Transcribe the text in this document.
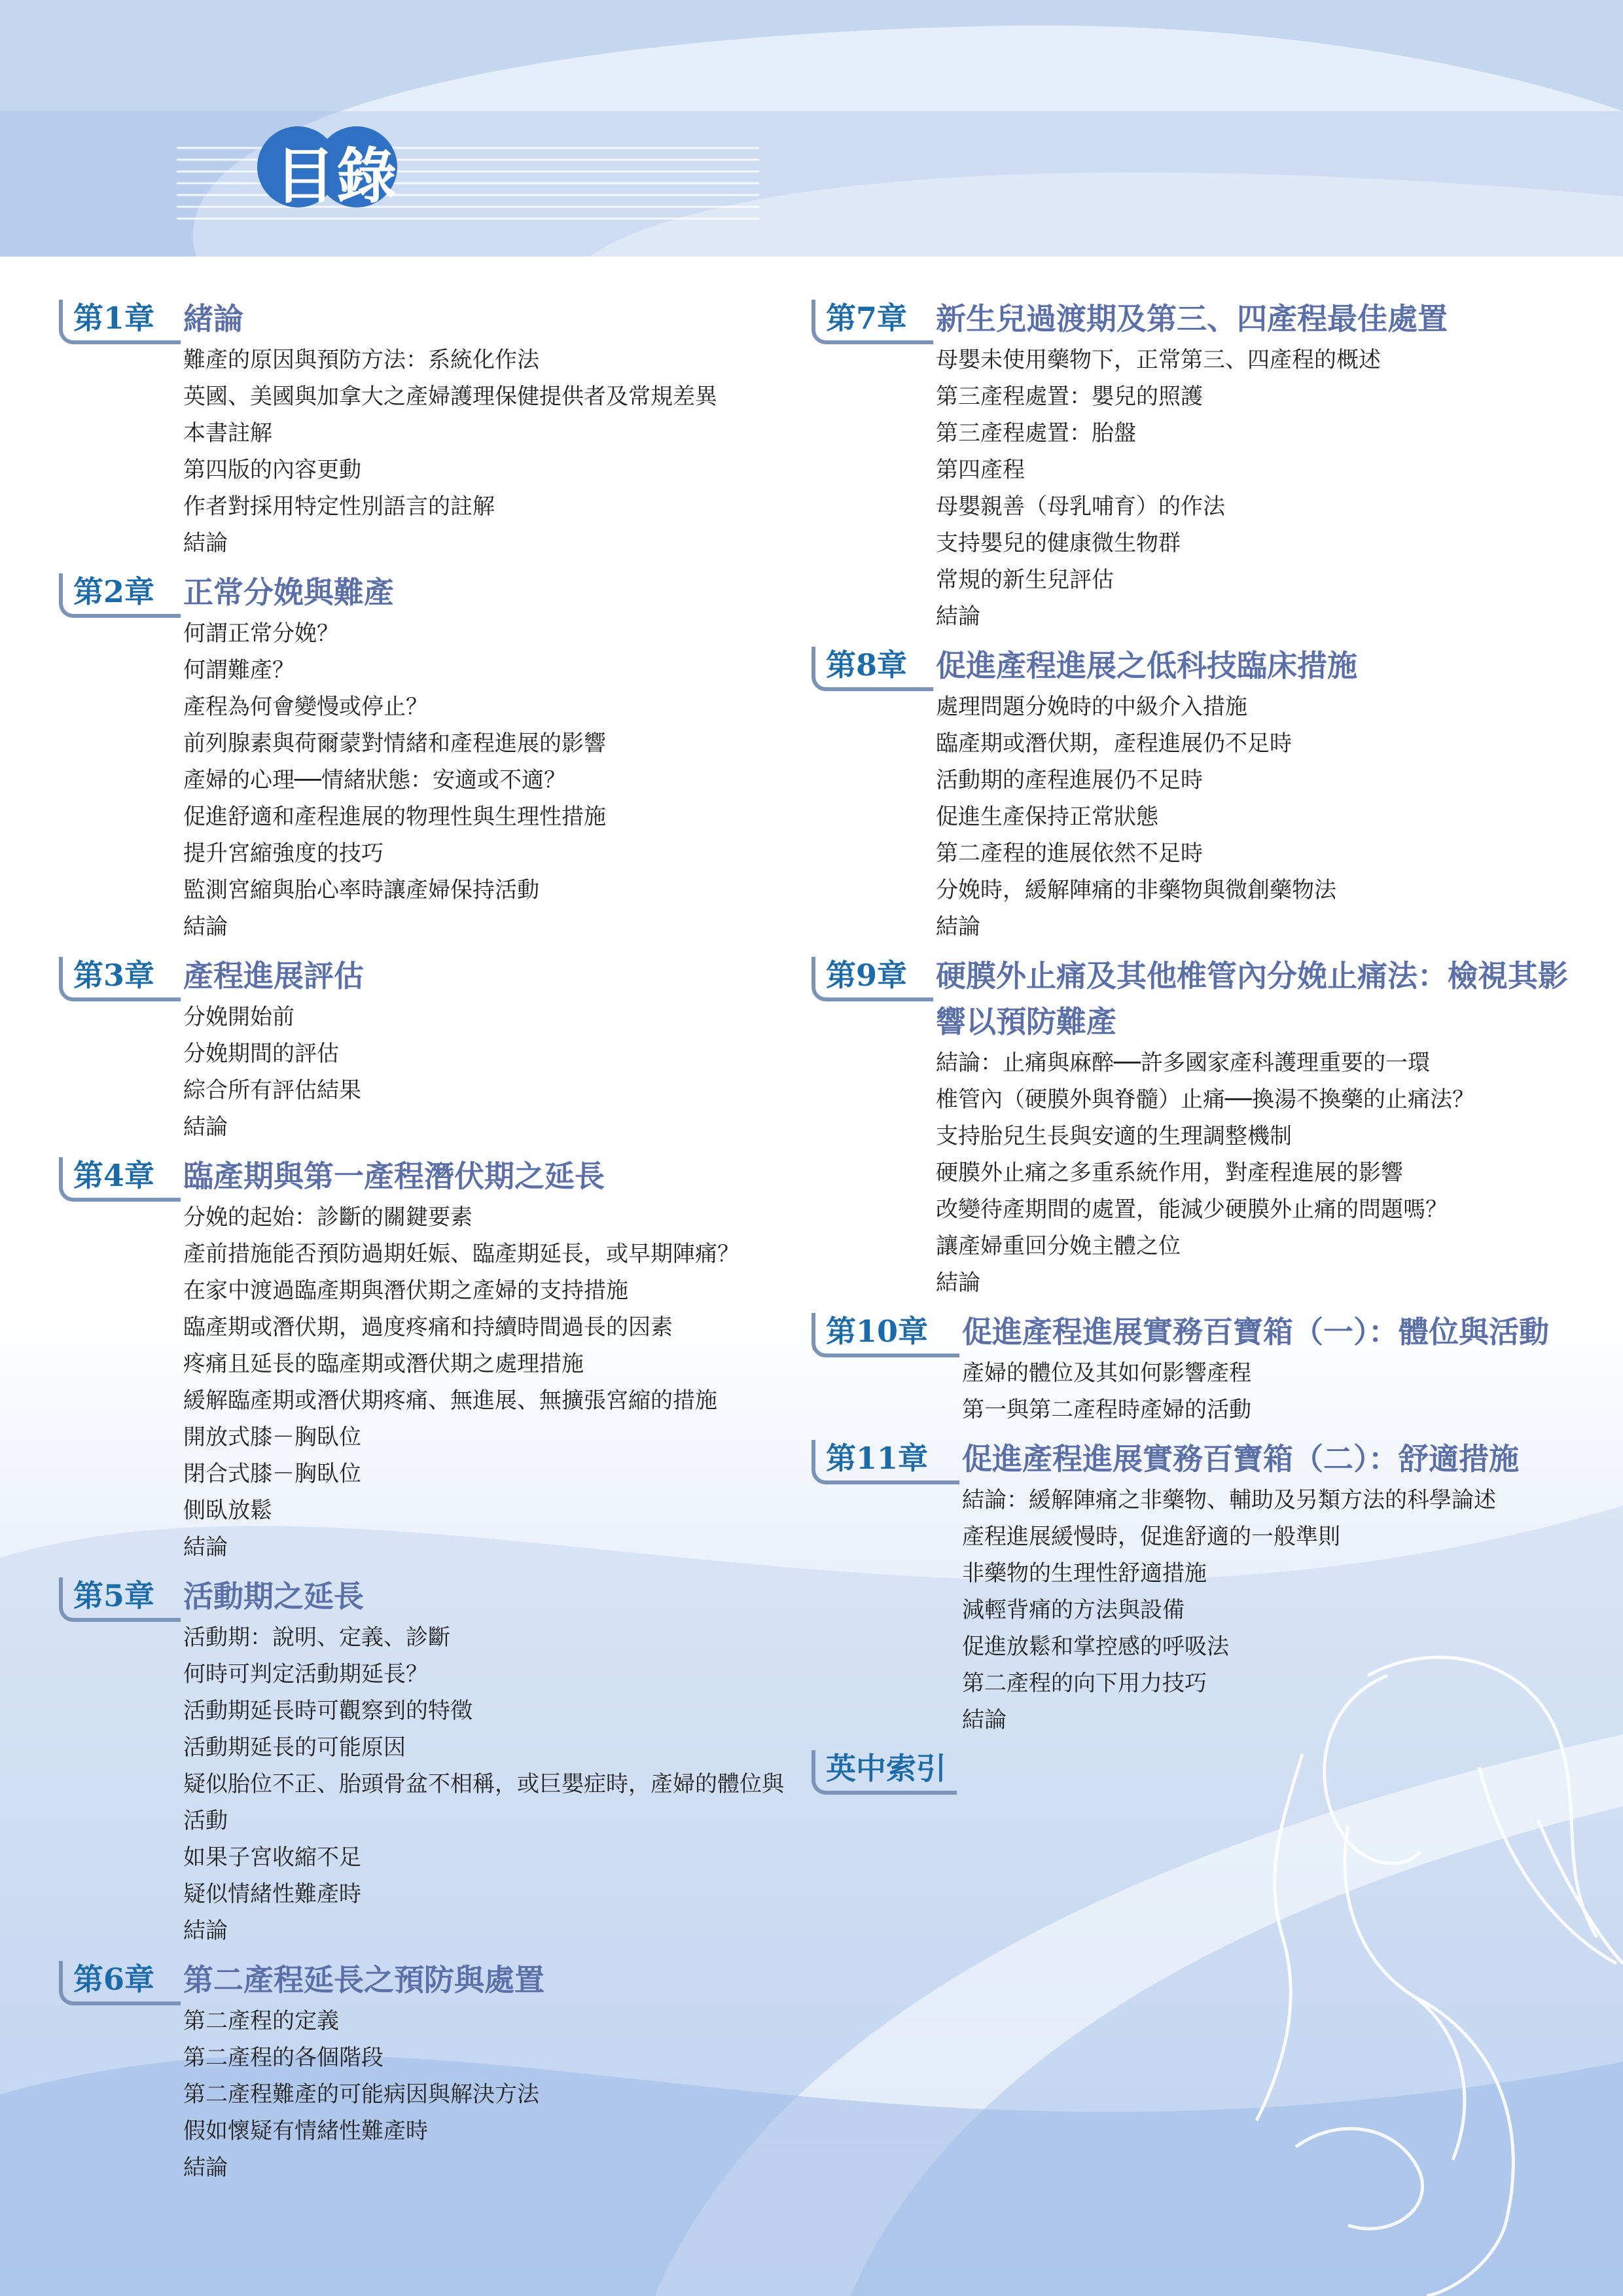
目錄
第1章 緒論
難產的原因與預防方法：系統化作法
英國、美國與加拿大之產婦護理保健提供者及常規差異
本書註解
第四版的內容更動
作者對採用特定性別語言的註解
結論
第2章 正常分娩與難產
何謂正常分娩？
何謂難產？
產程為何會變慢或停止？
前列腺素與荷爾蒙對情緒和產程進展的影響
產婦的心理──情緒狀態：安適或不適？
促進舒適和產程進展的物理性與生理性措施
提升宮縮強度的技巧
監測宮縮與胎心率時讓產婦保持活動
結論
第3章 產程進展評估
分娩開始前
分娩期間的評估
綜合所有評估結果
結論
第4章 臨產期與第一產程潛伏期之延長
分娩的起始：診斷的關鍵要素
產前措施能否預防過期妊娠、臨產期延長，或早期陣痛？
在家中渡過臨產期與潛伏期之產婦的支持措施
臨產期或潛伏期，過度疼痛和持續時間過長的因素
疼痛且延長的臨產期或潛伏期之處理措施
緩解臨產期或潛伏期疼痛、無進展、無擴張宮縮的措施
開放式膝－胸臥位
閉合式膝－胸臥位
側臥放鬆
結論
第5章 活動期之延長
活動期：說明、定義、診斷
何時可判定活動期延長？
活動期延長時可觀察到的特徵
活動期延長的可能原因
疑似胎位不正、胎頭骨盆不相稱，或巨嬰症時，產婦的體位與活動
如果子宮收縮不足
疑似情緒性難產時
結論
第6章 第二產程延長之預防與處置
第二產程的定義
第二產程的各個階段
第二產程難產的可能病因與解決方法
假如懷疑有情緒性難產時
結論
第7章 新生兒過渡期及第三、四產程最佳處置
母嬰未使用藥物下，正常第三、四產程的概述
第三產程處置：嬰兒的照護
第三產程處置：胎盤
第四產程
母嬰親善（母乳哺育）的作法
支持嬰兒的健康微生物群
常規的新生兒評估
結論
第8章 促進產程進展之低科技臨床措施
處理問題分娩時的中級介入措施
臨產期或潛伏期，產程進展仍不足時
活動期的產程進展仍不足時
促進生產保持正常狀態
第二產程的進展依然不足時
分娩時，緩解陣痛的非藥物與微創藥物法
結論
第9章 硬膜外止痛及其他椎管內分娩止痛法：檢視其影響以預防難產
結論：止痛與麻醉──許多國家產科護理重要的一環
椎管內（硬膜外與脊髓）止痛──換湯不換藥的止痛法？
支持胎兒生長與安適的生理調整機制
硬膜外止痛之多重系統作用，對產程進展的影響
改變待產期間的處置，能減少硬膜外止痛的問題嗎？
讓產婦重回分娩主體之位
結論
第10章	促進產程進展實務百寶箱（一）：體位與活動
產婦的體位及其如何影響產程
第一與第二產程時產婦的活動
第11章	促進產程進展實務百寶箱（二）：舒適措施
結論：緩解陣痛之非藥物、輔助及另類方法的科學論述
產程進展緩慢時，促進舒適的一般準則
非藥物的生理性舒適措施
減輕背痛的方法與設備
促進放鬆和掌控感的呼吸法
第二產程的向下用力技巧
結論
英中索引
